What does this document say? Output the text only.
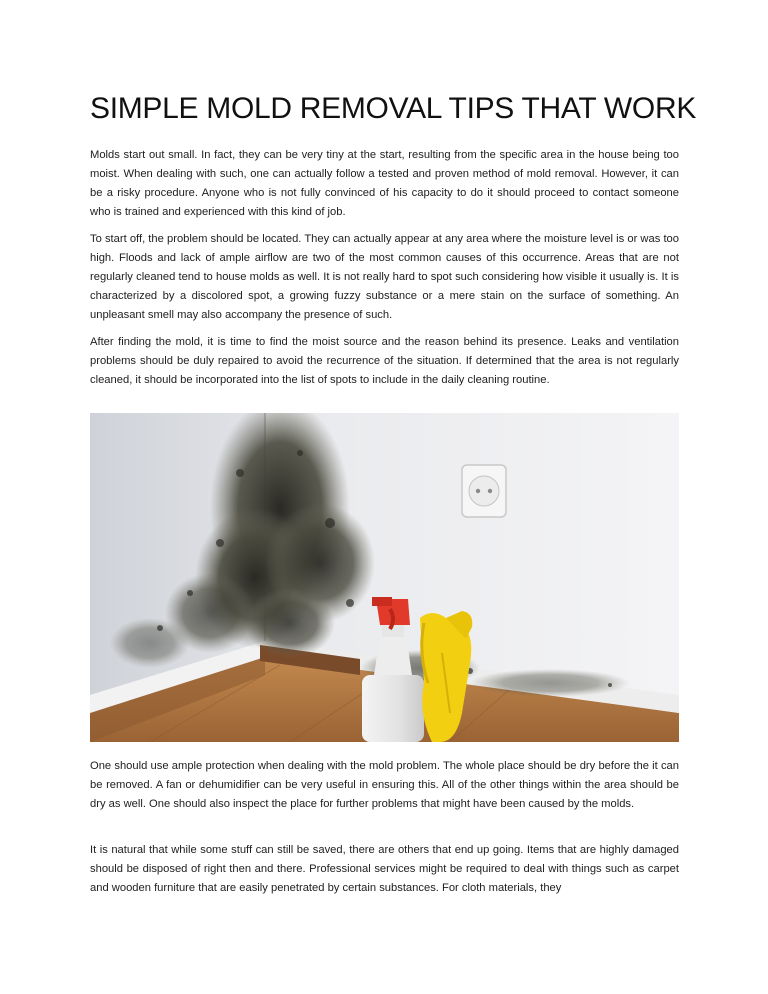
SIMPLE MOLD REMOVAL TIPS THAT WORK

Molds start out small. In fact, they can be very tiny at the start, resulting from the specific area in the house being too moist. When dealing with such, one can actually follow a tested and proven method of mold removal. However, it can be a risky procedure. Anyone who is not fully convinced of his capacity to do it should proceed to contact someone who is trained and experienced with this kind of job.

To start off, the problem should be located. They can actually appear at any area where the moisture level is or was too high. Floods and lack of ample airflow are two of the most common causes of this occurrence. Areas that are not regularly cleaned tend to house molds as well. It is not really hard to spot such considering how visible it usually is. It is characterized by a discolored spot, a growing fuzzy substance or a mere stain on the surface of something. An unpleasant smell may also accompany the presence of such.

After finding the mold, it is time to find the moist source and the reason behind its presence. Leaks and ventilation problems should be duly repaired to avoid the recurrence of the situation. If determined that the area is not regularly cleaned, it should be incorporated into the list of spots to include in the daily cleaning routine.

One should use ample protection when dealing with the mold problem. The whole place should be dry before the it can be removed. A fan or dehumidifier can be very useful in ensuring this. All of the other things within the area should be dry as well. One should also inspect the place for further problems that might have been caused by the molds.

It is natural that while some stuff can still be saved, there are others that end up going. Items that are highly damaged should be disposed of right then and there. Professional services might be required to deal with things such as carpet and wooden furniture that are easily penetrated by certain substances. For cloth materials, they
